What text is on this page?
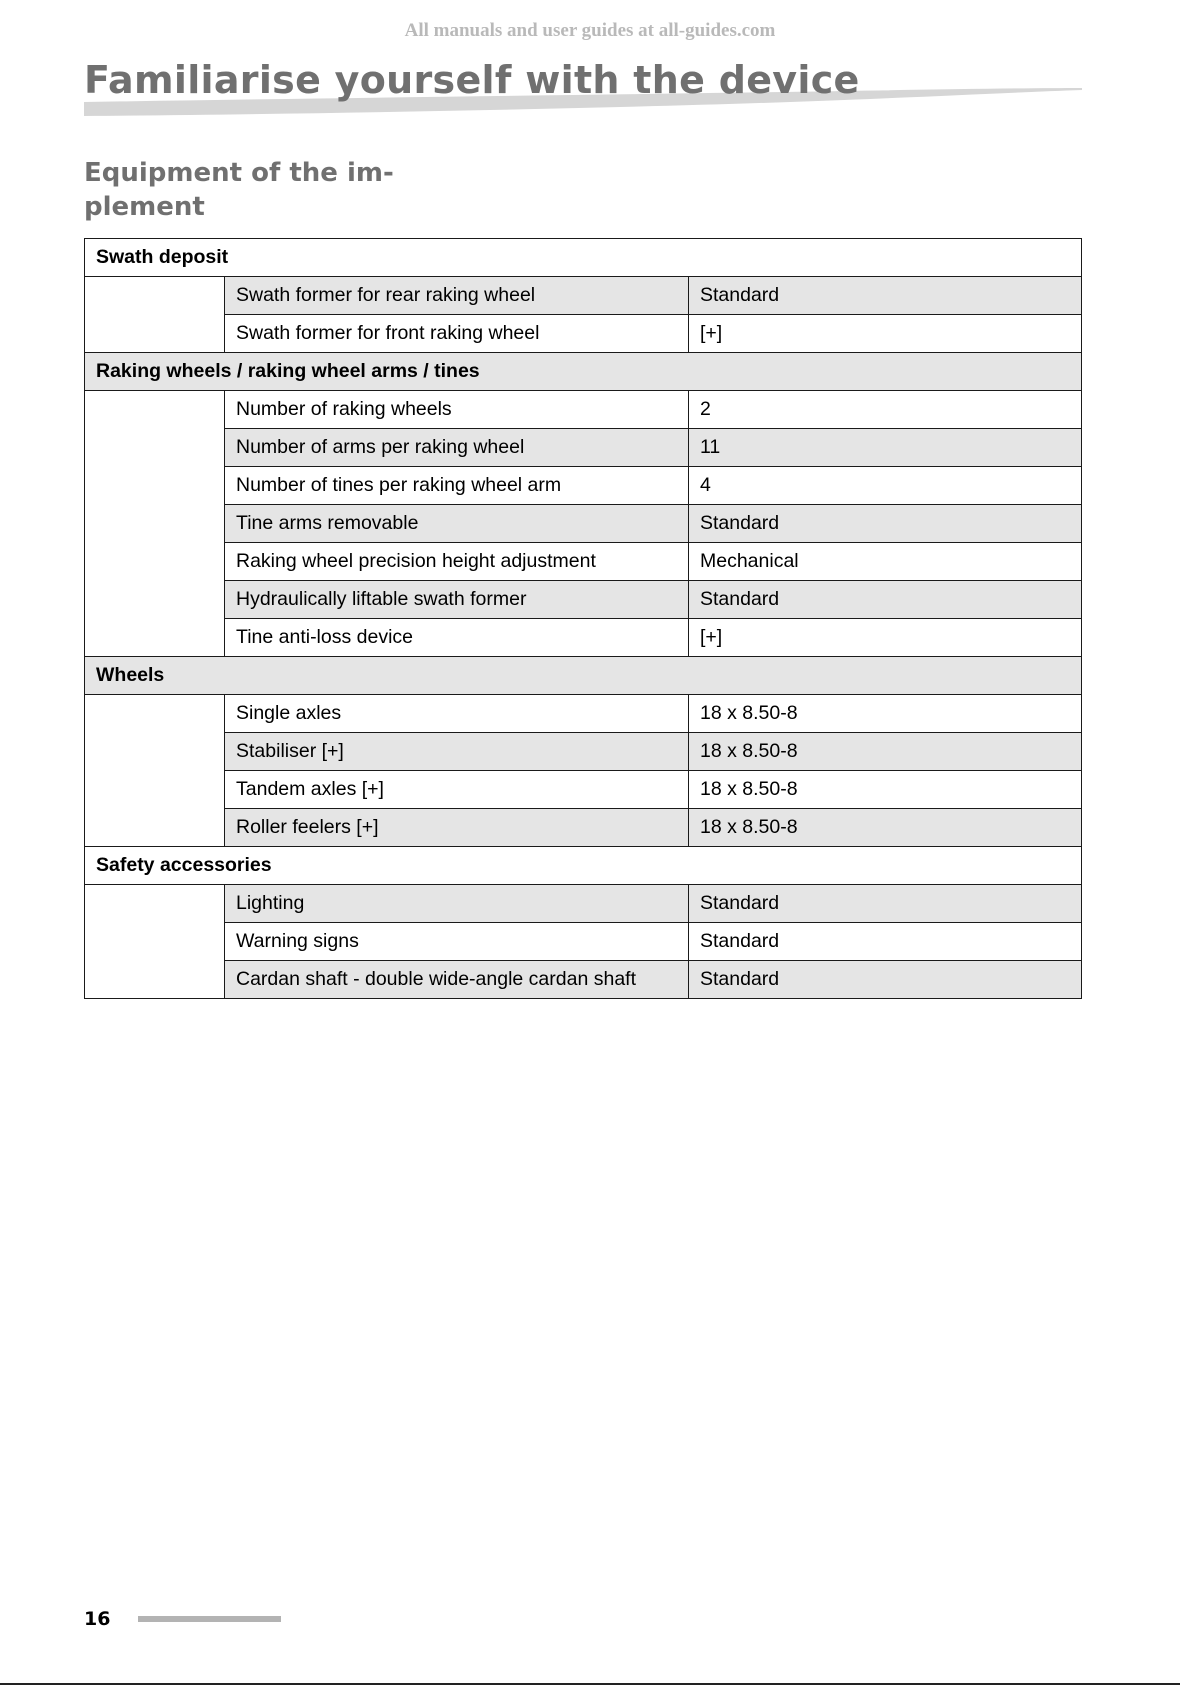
All manuals and user guides at all-guides.com
Familiarise yourself with the device
Equipment of the im-
plement
Swath deposit		
	Swath former for rear raking wheel	Standard
	Swath former for front raking wheel	[+]
Raking wheels / raking wheel arms / tines		
	Number of raking wheels	2
	Number of arms per raking wheel	11
	Number of tines per raking wheel arm	4
	Tine arms removable	Standard
	Raking wheel precision height adjustment	Mechanical
	Hydraulically liftable swath former	Standard
	Tine anti-loss device	[+]
Wheels		
	Single axles	18 x 8.50-8
	Stabiliser [+]	18 x 8.50-8
	Tandem axles [+]	18 x 8.50-8
	Roller feelers [+]	18 x 8.50-8
Safety accessories		
	Lighting	Standard
	Warning signs	Standard
	Cardan shaft - double wide-angle cardan shaft	Standard
16
